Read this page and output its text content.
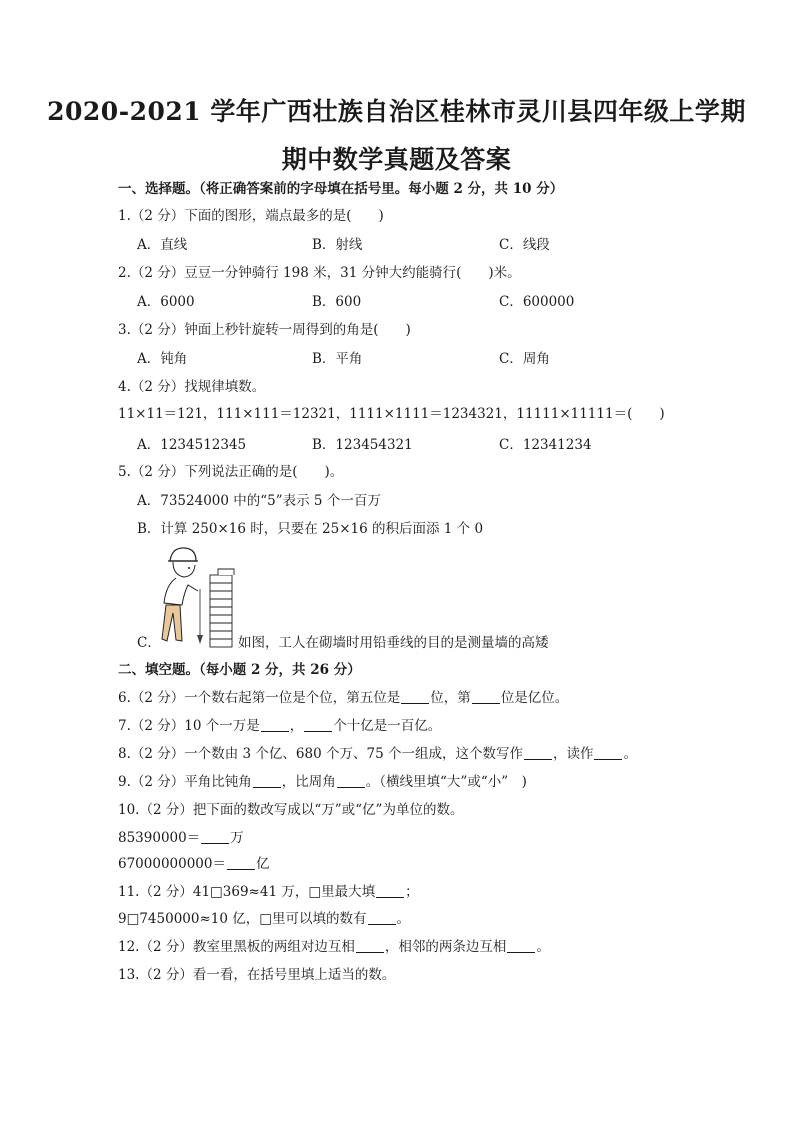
2020-2021 学年广西壮族自治区桂林市灵川县四年级上学期
期中数学真题及答案
一、选择题。（将正确答案前的字母填在括号里。每小题 2 分，共 10 分）
1.（2 分）下面的图形，端点最多的是(　　)
A．直线	B．射线	C．线段
2.（2 分）豆豆一分钟骑行 198 米，31 分钟大约能骑行(　　)米。
A．6000	B．600	C．600000
3.（2 分）钟面上秒针旋转一周得到的角是(　　)
A．钝角	B．平角	C．周角
4.（2 分）找规律填数。
11×11＝121，111×111＝12321，1111×1111＝1234321，11111×11111＝(　　)
A．1234512345	B．123454321	C．12341234
5.（2 分）下列说法正确的是(　　)。
A．73524000 中的“5”表示 5 个一百万
B．计算 250×16 时，只要在 25×16 的积后面添 1 个 0
C．	如图，工人在砌墙时用铅垂线的目的是测量墙的高矮
二、填空题。（每小题 2 分，共 26 分）
6.（2 分）一个数右起第一位是个位，第五位是 位，第 位是亿位。
7.（2 分）10 个一万是 ， 个十亿是一百亿。
8.（2 分）一个数由 3 个亿、680 个万、75 个一组成，这个数写作 ，读作 。
9.（2 分）平角比钝角 ，比周角 。（横线里填“大”或“小”　)
10.（2 分）把下面的数改写成以“万”或“亿”为单位的数。
85390000＝ 万
67000000000＝ 亿
11.（2 分）41□369≈41 万，□里最大填 ；
9□7450000≈10 亿，□里可以填的数有 。
12.（2 分）教室里黑板的两组对边互相 ，相邻的两条边互相 。
13.（2 分）看一看，在括号里填上适当的数。
